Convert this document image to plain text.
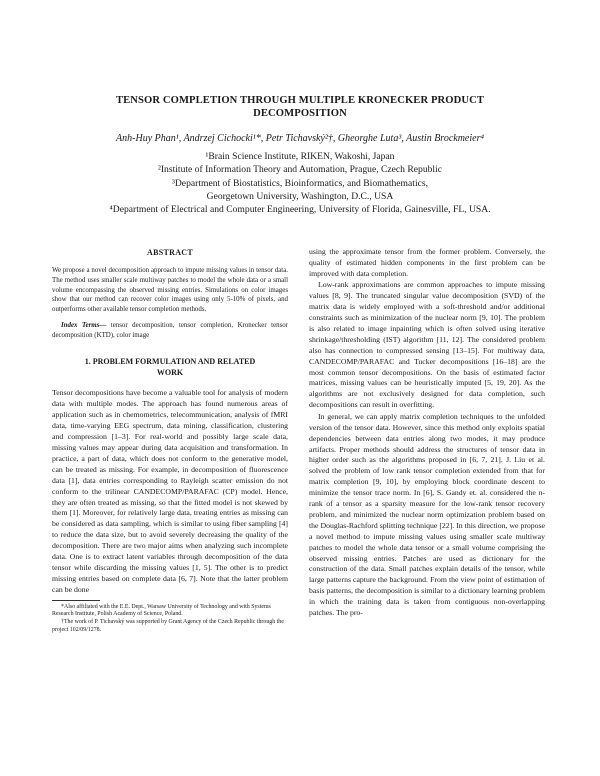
TENSOR COMPLETION THROUGH MULTIPLE KRONECKER PRODUCT DECOMPOSITION
Anh-Huy Phan¹, Andrzej Cichocki¹*, Petr Tichavský²†, Gheorghe Luta³, Austin Brockmeier⁴
¹Brain Science Institute, RIKEN, Wakoshi, Japan
²Institute of Information Theory and Automation, Prague, Czech Republic
³Department of Biostatistics, Bioinformatics, and Biomathematics,
Georgetown University, Washington, D.C., USA
⁴Department of Electrical and Computer Engineering, University of Florida, Gainesville, FL, USA.
ABSTRACT

We propose a novel decomposition approach to impute missing values in tensor data. The method uses smaller scale multiway patches to model the whole data or a small volume encompassing the observed missing entries. Simulations on color images show that our method can recover color images using only 5-10% of pixels, and outperforms other available tensor completion methods.

Index Terms— tensor decomposition, tensor completion, Kronecker tensor decomposition (KTD), color image

1. PROBLEM FORMULATION AND RELATED
WORK

Tensor decompositions have become a valuable tool for analysis of modern data with multiple modes. The approach has found numerous areas of application such as in chemometrics, telecommunication, analysis of fMRI data, time-varying EEG spectrum, data mining, classification, clustering and compression [1–3]. For real-world and possibly large scale data, missing values may appear during data acquisition and transformation. In practice, a part of data, which does not conform to the generative model, can be treated as missing. For example, in decomposition of fluorescence data [1], data entries corresponding to Rayleigh scatter emission do not conform to the trilinear CANDECOMP/PARAFAC (CP) model. Hence, they are often treated as missing, so that the fitted model is not skewed by them [1]. Moreover, for relatively large data, treating entries as missing can be considered as data sampling, which is similar to using fiber sampling [4] to reduce the data size, but to avoid severely decreasing the quality of the decomposition. There are two major aims when analyzing such incomplete data. One is to extract latent variables through decomposition of the data tensor while discarding the missing values [1, 5]. The other is to predict missing entries based on complete data [6, 7]. Note that the latter problem can be done

*Also affiliated with the E.E. Dept., Warsaw University of Technology and with Systems Research Institute, Polish Academy of Science, Poland.

†The work of P. Tichavský was supported by Grant Agency of the Czech Republic through the project 102/09/1278.

using the approximate tensor from the former problem. Conversely, the quality of estimated hidden components in the first problem can be improved with data completion.

Low-rank approximations are common approaches to impute missing values [8, 9]. The truncated singular value decomposition (SVD) of the matrix data is widely employed with a soft-threshold and/or additional constraints such as minimization of the nuclear norm [9, 10]. The problem is also related to image inpainting which is often solved using iterative shrinkage/thresholding (IST) algorithm [11, 12]. The considered problem also has connection to compressed sensing [13–15]. For multiway data, CANDECOMP/PARAFAC and Tucker decompositions [16–18] are the most common tensor decompositions. On the basis of estimated factor matrices, missing values can be heuristically imputed [5, 19, 20]. As the algorithms are not exclusively designed for data completion, such decompositions can result in overfitting.

In general, we can apply matrix completion techniques to the unfolded version of the tensor data. However, since this method only exploits spatial dependencies between data entries along two modes, it may produce artifacts. Proper methods should address the structures of tensor data in higher order such as the algorithms proposed in [6, 7, 21]. J. Liu et al. solved the problem of low rank tensor completion extended from that for matrix completion [9, 10], by employing block coordinate descent to minimize the tensor trace norm. In [6], S. Gandy et. al. considered the n-rank of a tensor as a sparsity measure for the low-rank tensor recovery problem, and minimized the nuclear norm optimization problem based on the Douglas-Rachford splitting technique [22]. In this direction, we propose a novel method to impute missing values using smaller scale multiway patches to model the whole data tensor or a small volume comprising the observed missing entries. Patches are used as dictionary for the construction of the data. Small patches explain details of the tensor, while large patterns capture the background. From the view point of estimation of basis patterns, the decomposition is similar to a dictionary learning problem in which the training data is taken from contiguous non-overlapping patches. The pro-
